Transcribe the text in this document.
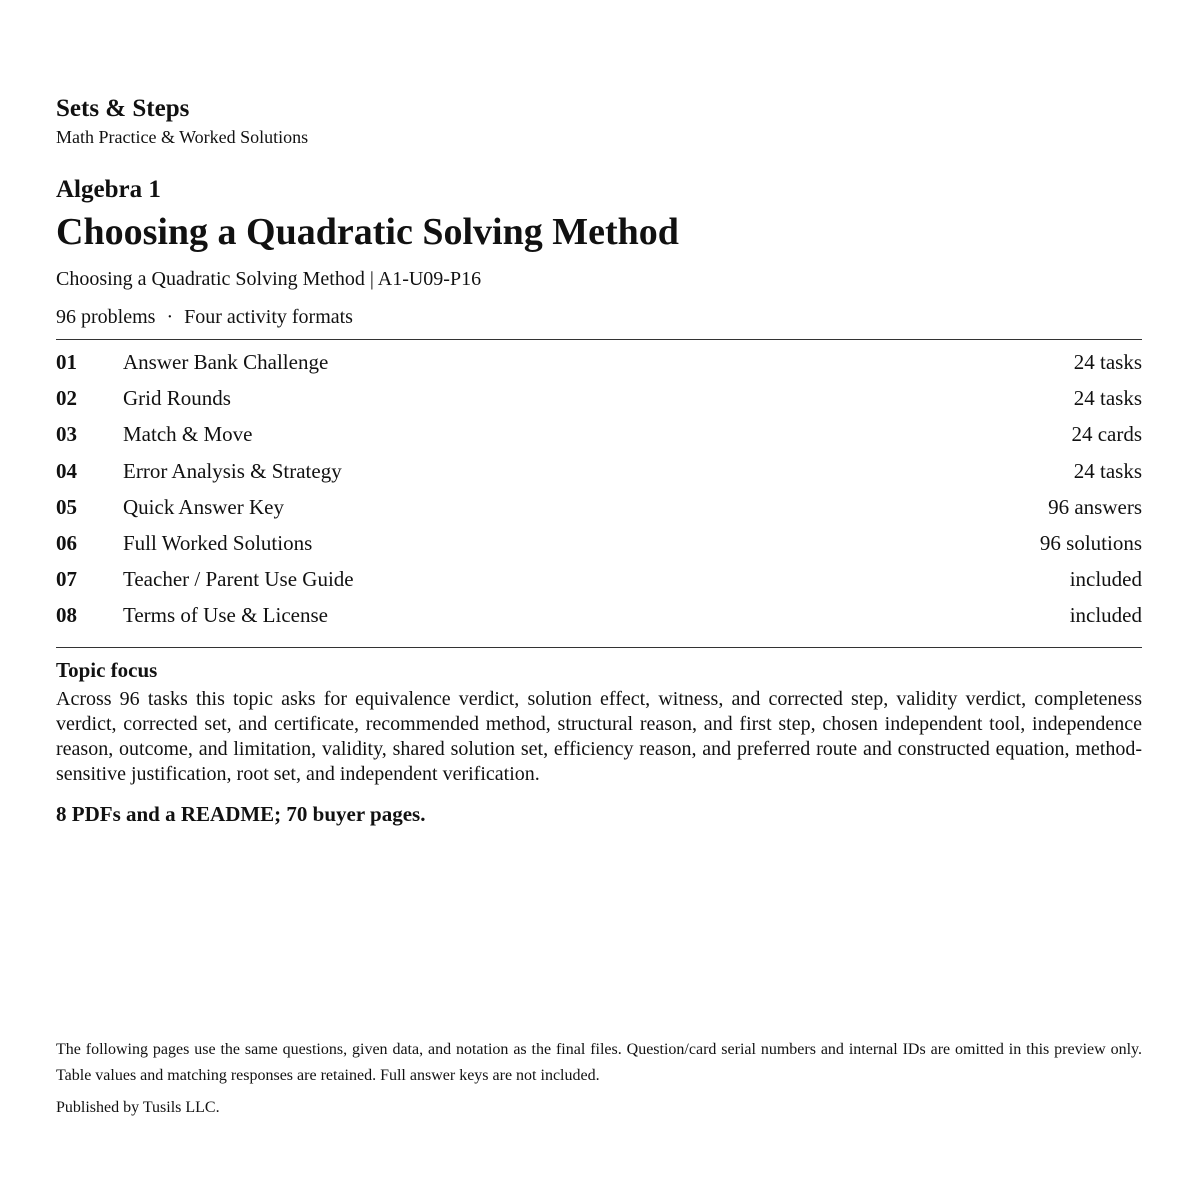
Sets & Steps
Math Practice & Worked Solutions
Algebra 1
Choosing a Quadratic Solving Method
Choosing a Quadratic Solving Method | A1-U09-P16
96 problems · Four activity formats
01	Answer Bank Challenge	24 tasks
02	Grid Rounds	24 tasks
03	Match & Move	24 cards
04	Error Analysis & Strategy	24 tasks
05	Quick Answer Key	96 answers
06	Full Worked Solutions	96 solutions
07	Teacher / Parent Use Guide	included
08	Terms of Use & License	included
Topic focus
Across 96 tasks this topic asks for equivalence verdict, solution effect, witness, and corrected step, validity verdict, completeness verdict, corrected set, and certificate, recommended method, structural reason, and first step, chosen independent tool, independence reason, outcome, and limitation, validity, shared solution set, efficiency reason, and preferred route and constructed equation, method-sensitive justification, root set, and independent verification.
8 PDFs and a README; 70 buyer pages.

The following pages use the same questions, given data, and notation as the final files. Question/card serial numbers and internal IDs are omitted in this preview only. Table values and matching responses are retained. Full answer keys are not included.

Published by Tusils LLC.
